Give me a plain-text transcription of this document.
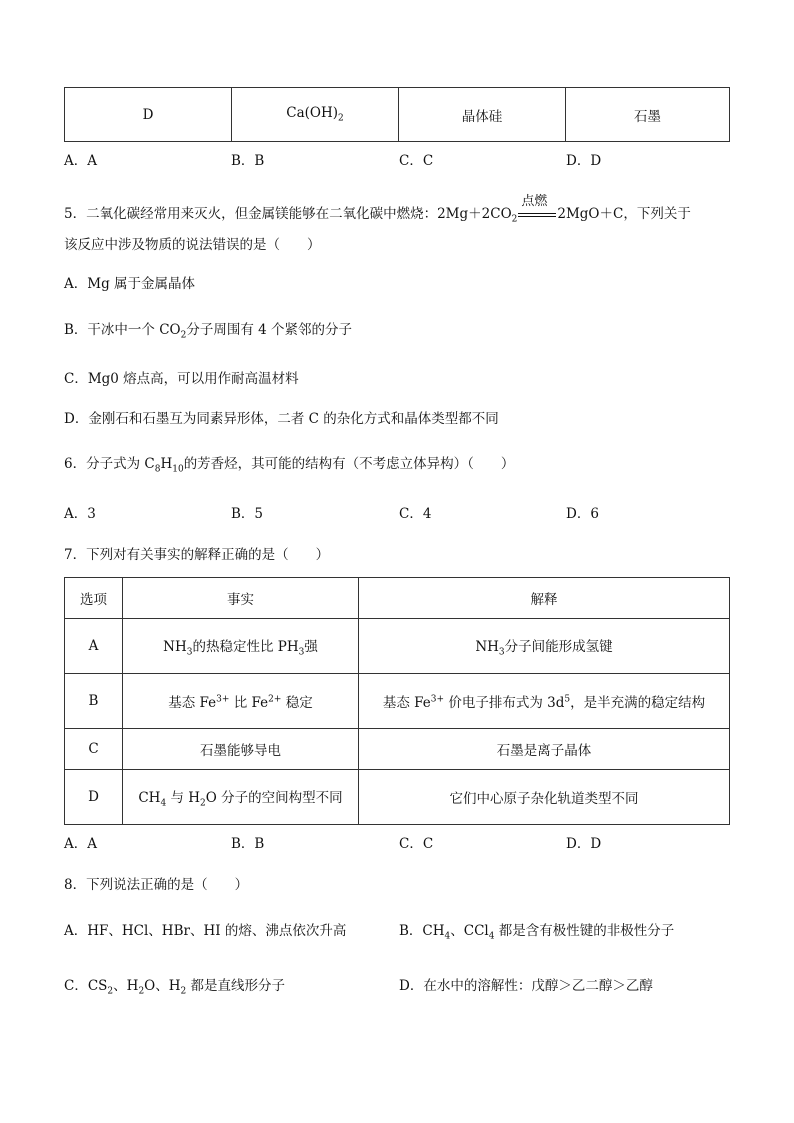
D	$Ca(OH)_2$	晶体硅	石墨
A．A	B．B	C．C	D．D
5．二氧化碳经常用来灭火，但金属镁能够在二氧化碳中燃烧：$2Mg+2CO_2$
点燃
2MgO＋C，下列关于
该反应中涉及物质的说法错误的是（　　）
A．Mg 属于金属晶体
B．干冰中一个 $CO_2$分子周围有 4 个紧邻的分子
C．Mg0 熔点高，可以用作耐高温材料
D．金刚石和石墨互为同素异形体，二者 C 的杂化方式和晶体类型都不同
6．分子式为 $C_8H_{10}$的芳香烃，其可能的结构有（不考虑立体异构）（　　）
A．3	B．5	C．4	D．6
7．下列对有关事实的解释正确的是（　　）
选项	事实	解释
A	$NH_3$的热稳定性比 $PH_3$强	$NH_3$分子间能形成氢键
B	基态 $Fe^{3+}$ 比 $Fe^{2+}$ 稳定	基态 $Fe^{3+}$ 价电子排布式为 $3d^5$，是半充满的稳定结构
C	石墨能够导电	石墨是离子晶体
D	$CH_4$ 与 $H_2O$ 分子的空间构型不同	它们中心原子杂化轨道类型不同
A．A	B．B	C．C	D．D
8．下列说法正确的是（　　）
A．HF、HCl、HBr、HI 的熔、沸点依次升高	B．$CH_4$、CCl$_4$ 都是含有极性键的非极性分子
C．$CS_2$、$H_2O$、$H_2$ 都是直线形分子	D．在水中的溶解性：戊醇＞乙二醇＞乙醇
